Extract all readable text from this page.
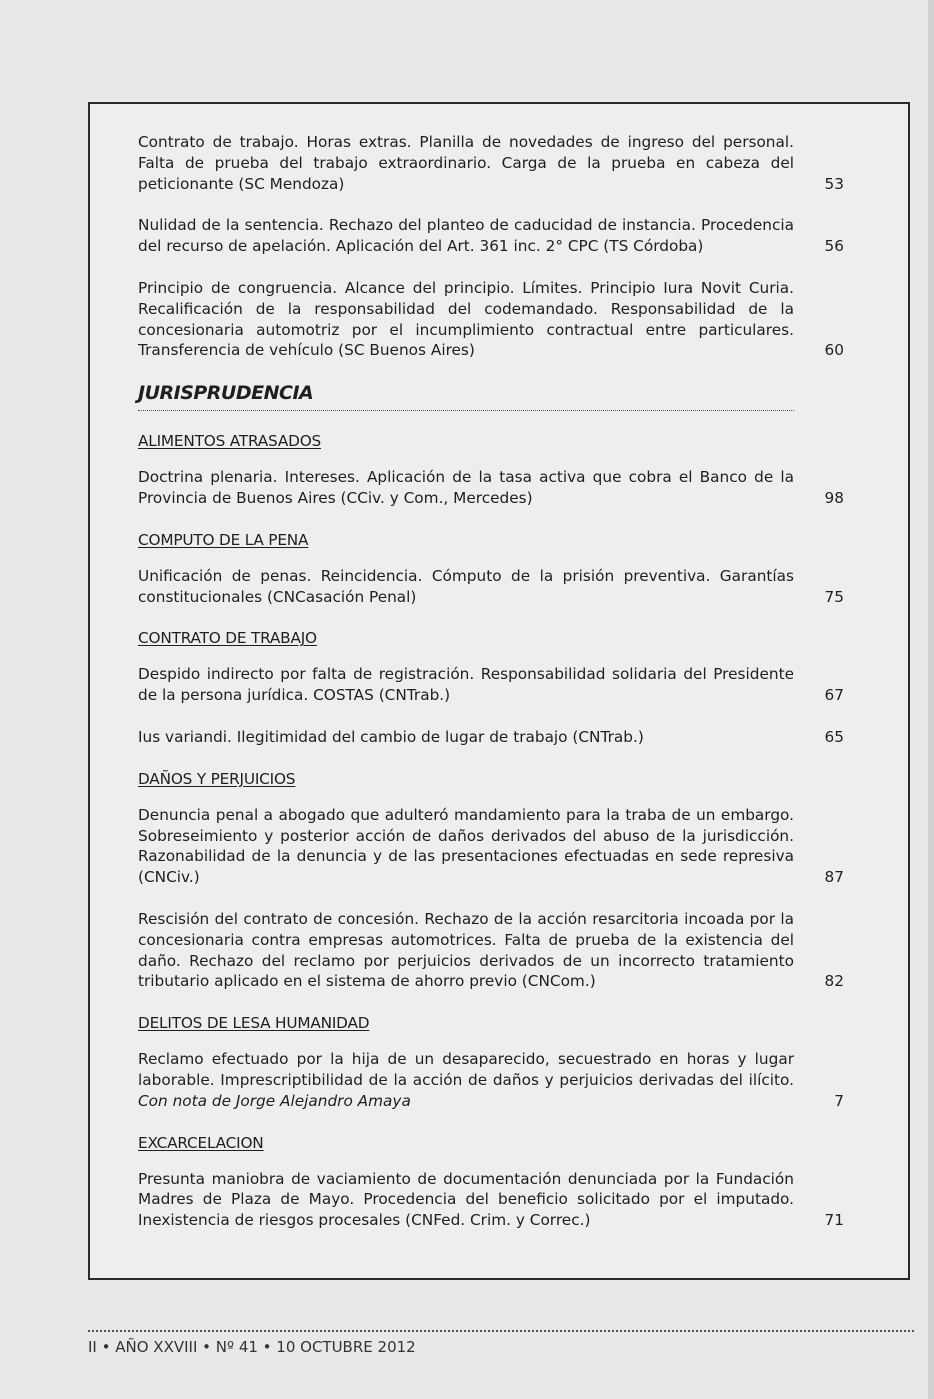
Contrato de trabajo. Horas extras. Planilla de novedades de ingreso del personal. Falta de prueba del trabajo extraordinario. Carga de la prueba en cabeza del peticionante (SC Mendoza)	53
Nulidad de la sentencia. Rechazo del planteo de caducidad de instancia. Procedencia del recurso de apelación. Aplicación del Art. 361 inc. 2° CPC (TS Córdoba)	56
Principio de congruencia. Alcance del principio. Límites. Principio Iura Novit Curia. Recalificación de la responsabilidad del codemandado. Responsabilidad de la concesionaria automotriz por el incumplimiento contractual entre particulares. Transferencia de vehículo (SC Buenos Aires)	60
JURISPRUDENCIA
ALIMENTOS ATRASADOS
Doctrina plenaria. Intereses. Aplicación de la tasa activa que cobra el Banco de la Provincia de Buenos Aires (CCiv. y Com., Mercedes)	98
COMPUTO DE LA PENA
Unificación de penas. Reincidencia. Cómputo de la prisión preventiva. Garantías constitucionales (CNCasación Penal)	75
CONTRATO DE TRABAJO
Despido indirecto por falta de registración. Responsabilidad solidaria del Presidente de la persona jurídica. COSTAS (CNTrab.)	67
Ius variandi. Ilegitimidad del cambio de lugar de trabajo (CNTrab.)	65
DAÑOS Y PERJUICIOS
Denuncia penal a abogado que adulteró mandamiento para la traba de un embargo. Sobreseimiento y posterior acción de daños derivados del abuso de la jurisdicción. Razonabilidad de la denuncia y de las presentaciones efectuadas en sede represiva (CNCiv.)	87
Rescisión del contrato de concesión. Rechazo de la acción resarcitoria incoada por la concesionaria contra empresas automotrices. Falta de prueba de la existencia del daño. Rechazo del reclamo por perjuicios derivados de un incorrecto tratamiento tributario aplicado en el sistema de ahorro previo (CNCom.)	82
DELITOS DE LESA HUMANIDAD
Reclamo efectuado por la hija de un desaparecido, secuestrado en horas y lugar laborable. Imprescriptibilidad de la acción de daños y perjuicios derivadas del ilícito. Con nota de Jorge Alejandro Amaya	7
EXCARCELACION
Presunta maniobra de vaciamiento de documentación denunciada por la Fundación Madres de Plaza de Mayo. Procedencia del beneficio solicitado por el imputado. Inexistencia de riesgos procesales (CNFed. Crim. y Correc.)	71
II • AÑO XXVIII • Nº 41 • 10 OCTUBRE 2012
